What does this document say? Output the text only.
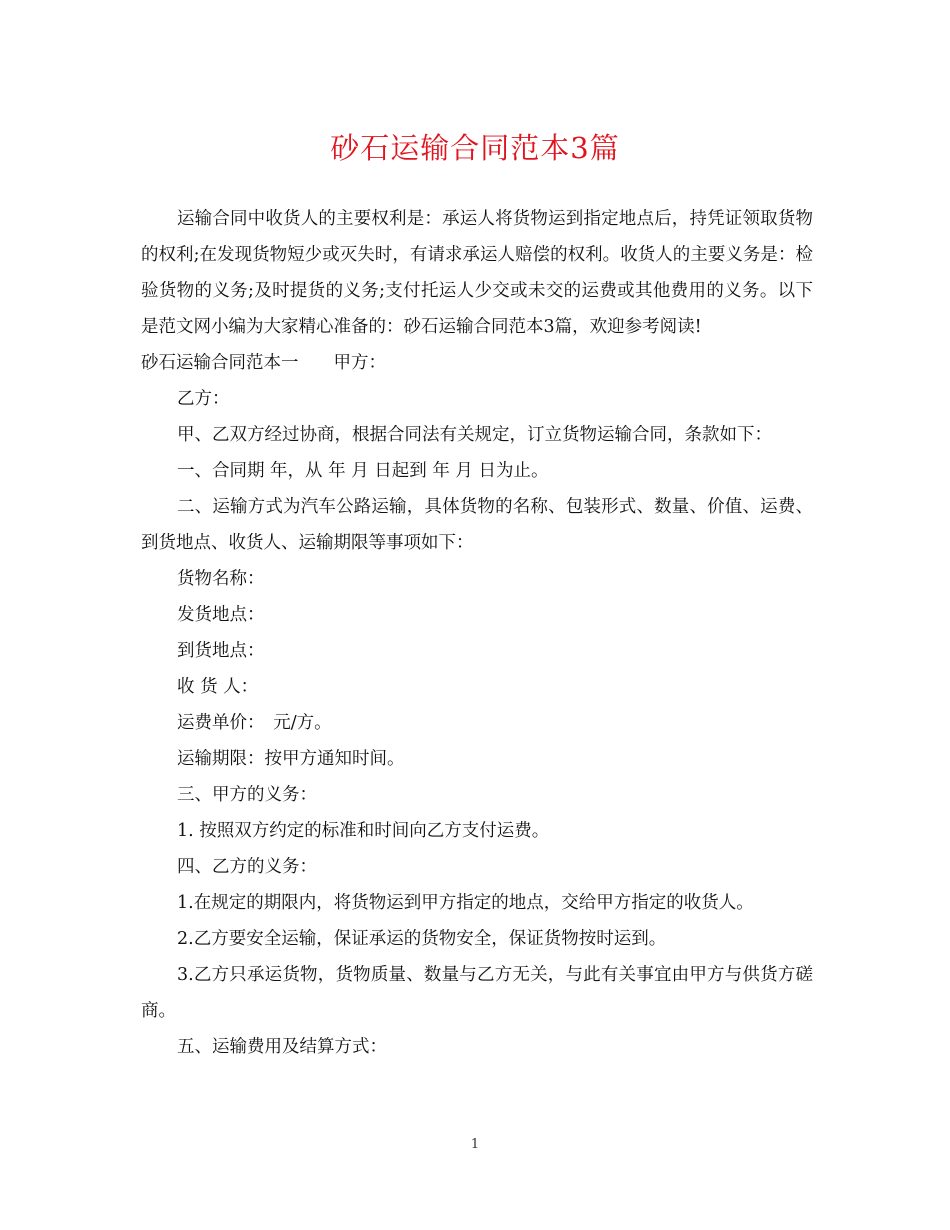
砂石运输合同范本3篇

运输合同中收货人的主要权利是：承运人将货物运到指定地点后，持凭证领取货物的权利;在发现货物短少或灭失时，有请求承运人赔偿的权利。收货人的主要义务是：检验货物的义务;及时提货的义务;支付托运人少交或未交的运费或其他费用的义务。以下是范文网小编为大家精心准备的：砂石运输合同范本3篇，欢迎参考阅读!

砂石运输合同范本一　　甲方：

乙方：

甲、乙双方经过协商，根据合同法有关规定，订立货物运输合同，条款如下：

一、合同期 年，从 年 月 日起到 年 月 日为止。

二、运输方式为汽车公路运输，具体货物的名称、包装形式、数量、价值、运费、到货地点、收货人、运输期限等事项如下：

货物名称：

发货地点：

到货地点：

收 货 人：

运费单价：　元/方。

运输期限：按甲方通知时间。

三、甲方的义务：

1. 按照双方约定的标准和时间向乙方支付运费。

四、乙方的义务：

1.在规定的期限内，将货物运到甲方指定的地点，交给甲方指定的收货人。

2.乙方要安全运输，保证承运的货物安全，保证货物按时运到。

3.乙方只承运货物，货物质量、数量与乙方无关，与此有关事宜由甲方与供货方磋商。

五、运输费用及结算方式：

1
